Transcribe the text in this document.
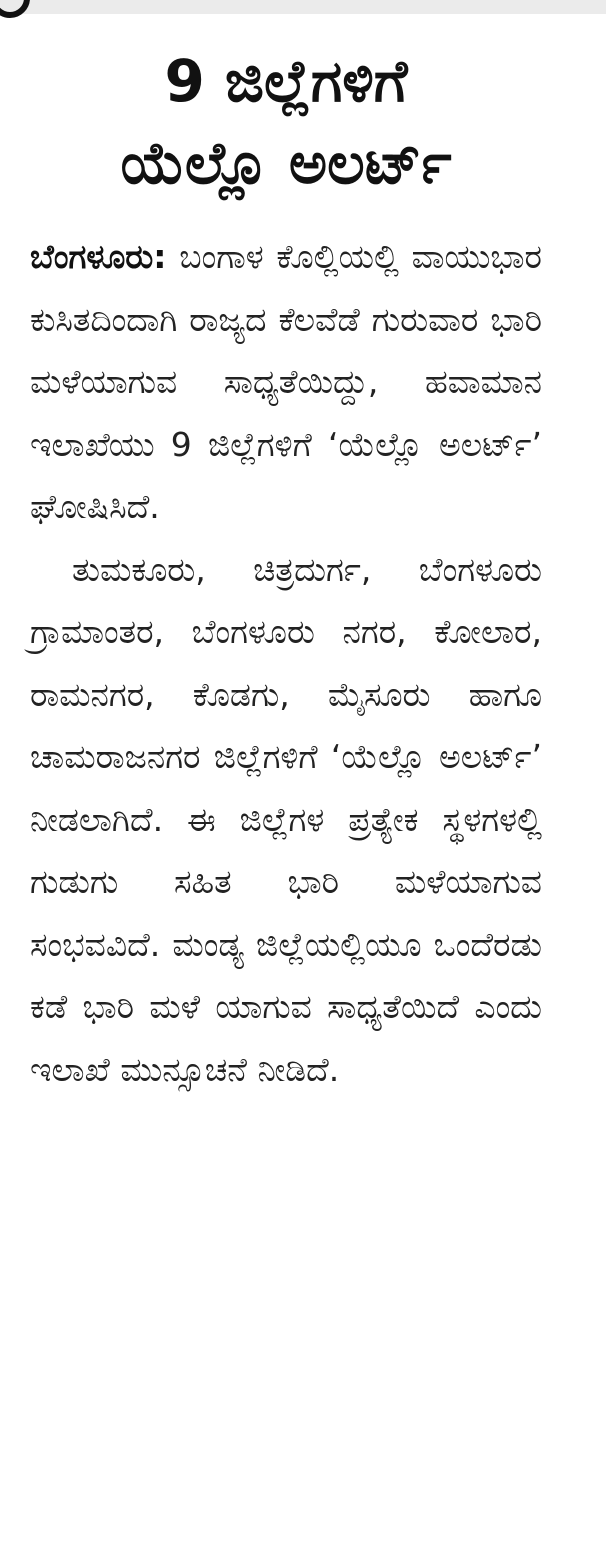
9 ಜಿಲ್ಲೆಗಳಿಗೆ
ಯೆಲ್ಲೊ ಅಲರ್ಟ್

ಬೆಂಗಳೂರು: ಬಂಗಾಳ ಕೊಲ್ಲಿಯಲ್ಲಿ ವಾಯುಭಾರ ಕುಸಿತದಿಂದಾಗಿ ರಾಜ್ಯದ ಕೆಲವೆಡೆ ಗುರುವಾರ ಭಾರಿ ಮಳೆಯಾಗುವ ಸಾಧ್ಯತೆಯಿದ್ದು, ಹವಾಮಾನ ಇಲಾಖೆಯು 9 ಜಿಲ್ಲೆಗಳಿಗೆ ‘ಯೆಲ್ಲೊ ಅಲರ್ಟ್’ ಘೋಷಿಸಿದೆ.

ತುಮಕೂರು, ಚಿತ್ರದುರ್ಗ, ಬೆಂಗಳೂರು ಗ್ರಾಮಾಂತರ, ಬೆಂಗಳೂರು ನಗರ, ಕೋಲಾರ, ರಾಮನಗರ, ಕೊಡಗು, ಮೈಸೂರು ಹಾಗೂ ಚಾಮರಾಜನಗರ ಜಿಲ್ಲೆಗಳಿಗೆ ‘ಯೆಲ್ಲೊ ಅಲರ್ಟ್’ ನೀಡಲಾಗಿದೆ. ಈ ಜಿಲ್ಲೆಗಳ ಪ್ರತ್ಯೇಕ ಸ್ಥಳಗಳಲ್ಲಿ ಗುಡುಗು ಸಹಿತ ಭಾರಿ ಮಳೆಯಾಗುವ ಸಂಭವವಿದೆ. ಮಂಡ್ಯ ಜಿಲ್ಲೆಯಲ್ಲಿಯೂ ಒಂದೆರಡು ಕಡೆ ಭಾರಿ ಮಳೆ ಯಾಗುವ ಸಾಧ್ಯತೆಯಿದೆ ಎಂದು ಇಲಾಖೆ ಮುನ್ಸೂಚನೆ ನೀಡಿದೆ.
